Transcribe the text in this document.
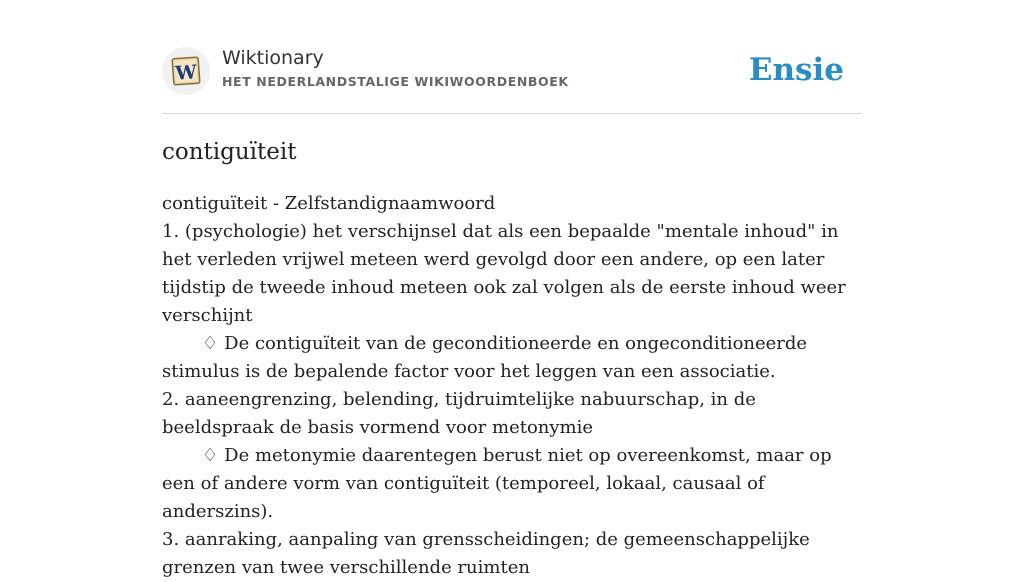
W
Wiktionary
HET NEDERLANDSTALIGE WIKIWOORDENBOEK	Ensie
contiguïteit

contiguïteit - Zelfstandignaamwoord

1. (psychologie) het verschijnsel dat als een bepaalde "mentale inhoud" in het verleden vrijwel meteen werd gevolgd door een andere, op een later tijdstip de tweede inhoud meteen ook zal volgen als de eerste inhoud weer verschijnt

♢ De contiguïteit van de geconditioneerde en ongeconditioneerde stimulus is de bepalende factor voor het leggen van een associatie.

2. aaneengrenzing, belending, tijdruimtelijke nabuurschap, in de beeldspraak de basis vormend voor metonymie

♢ De metonymie daarentegen berust niet op overeenkomst, maar op een of andere vorm van contiguïteit (temporeel, lokaal, causaal of anderszins).

3. aanraking, aanpaling van grensscheidingen; de gemeenschappelijke grenzen van twee verschillende ruimten
